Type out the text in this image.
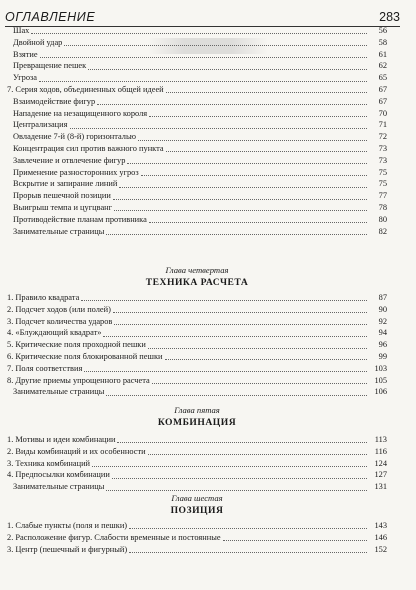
ОГЛАВЛЕНИЕ	283
Шах	56
Двойной удар	58
Взятие	61
Превращение пешек	62
Угроза	65
7. Серия ходов, объединенных общей идеей	67
Взаимодействие фигур	67
Нападение на незащищенного короля	70
Централизация	71
Овладение 7-й (8-й) горизонталью	72
Концентрация сил против важного пункта	73
Завлечение и отвлечение фигур	73
Применение разносторонних угроз	75
Вскрытие и запирание линий	75
Прорыв пешечной позиции	77
Выигрыш темпа и цугцванг	78
Противодействие планам противника	80
Занимательные страницы	82
Глава четвертая
ТЕХНИКА РАСЧЕТА
1. Правило квадрата	87
2. Подсчет ходов (или полей)	90
3. Подсчет количества ударов	92
4. «Блуждающий квадрат»	94
5. Критические поля проходной пешки	96
6. Критические поля блокированной пешки	99
7. Поля соответствия	103
8. Другие приемы упрощенного расчета	105
Занимательные страницы	106
Глава пятая
КОМБИНАЦИЯ
1. Мотивы и идеи комбинации	113
2. Виды комбинаций и их особенности	116
3. Техника комбинаций	124
4. Предпосылки комбинации	127
Занимательные страницы	131
Глава шестая
ПОЗИЦИЯ
1. Слабые пункты (поля и пешки)	143
2. Расположение фигур. Слабости временные и постоянные	146
3. Центр (пешечный и фигурный)	152
